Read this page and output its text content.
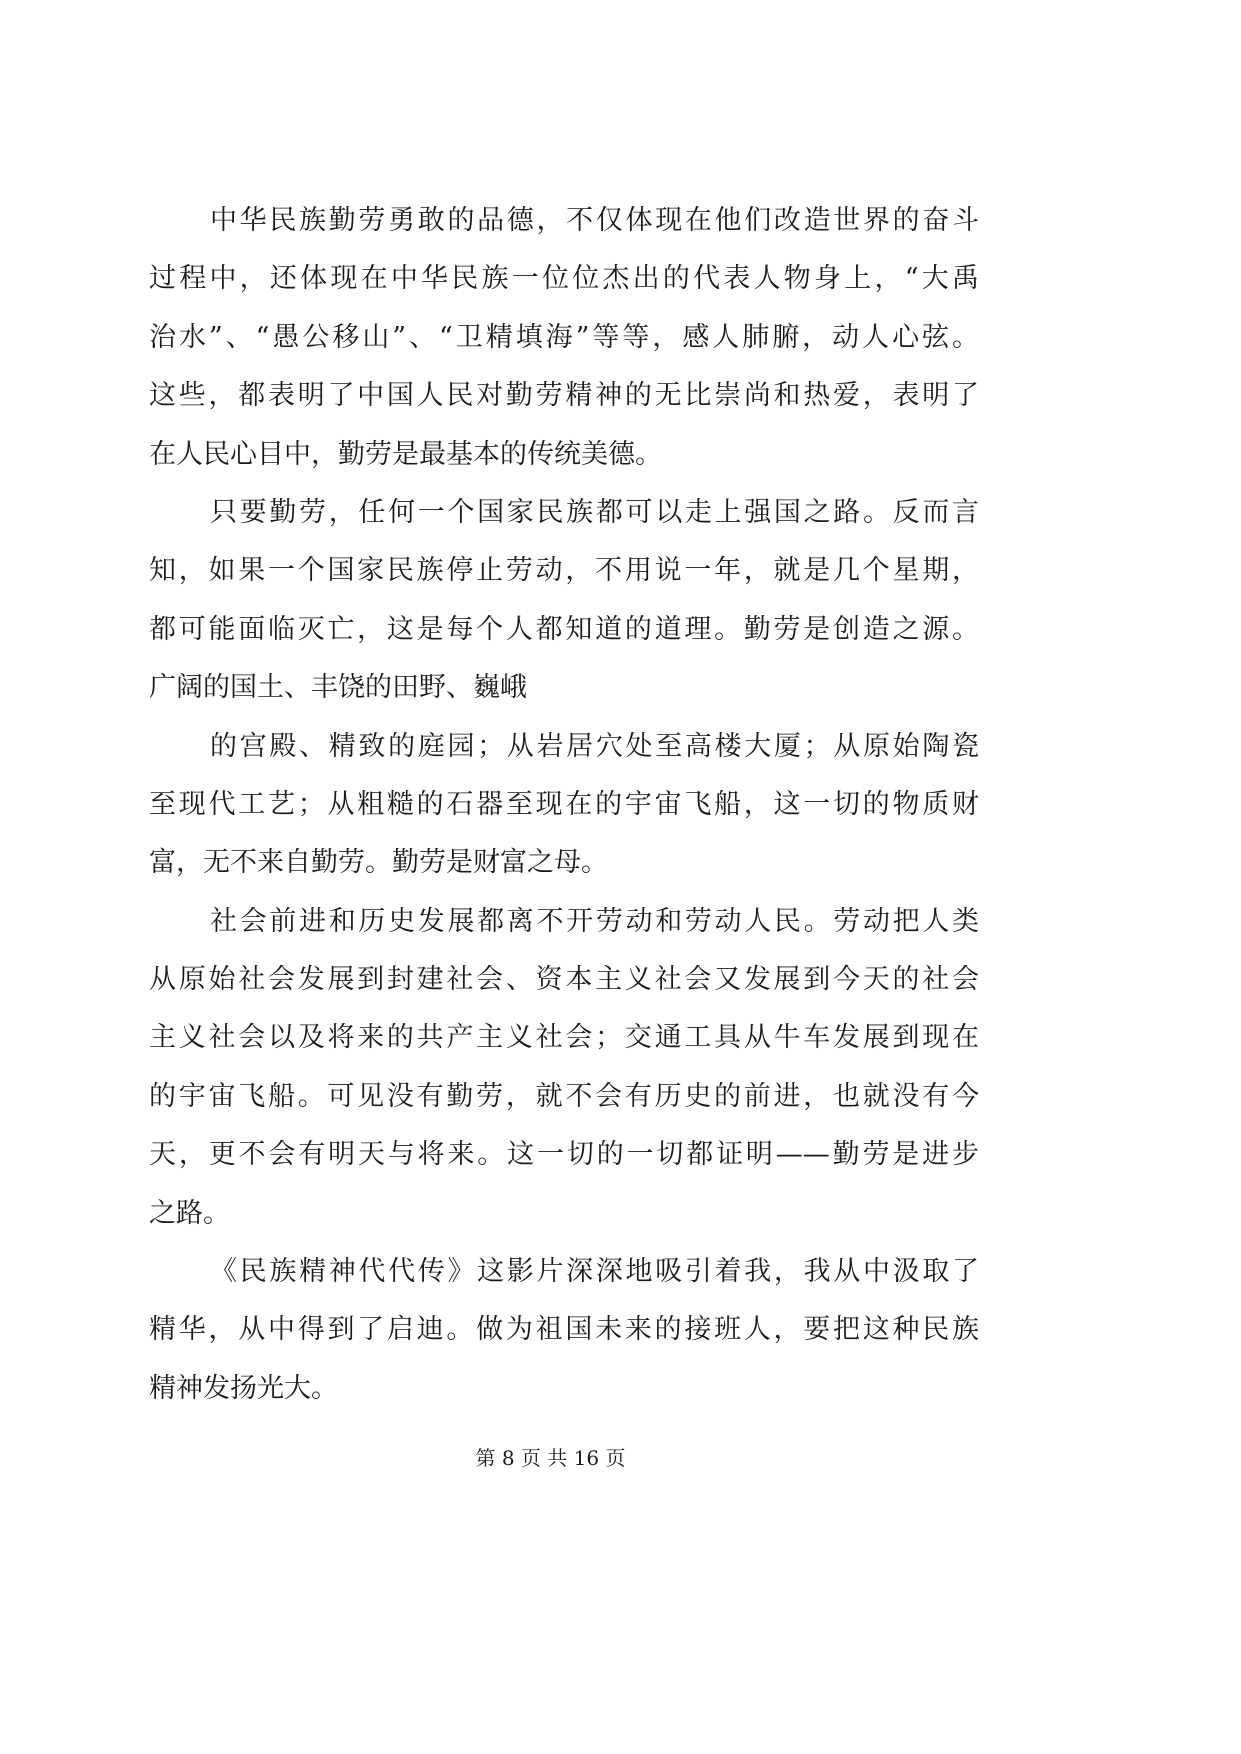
中华民族勤劳勇敢的品德，不仅体现在他们改造世界的奋斗
过程中，还体现在中华民族一位位杰出的代表人物身上，“大禹
治水”、“愚公移山”、“卫精填海”等等，感人肺腑，动人心弦。
这些，都表明了中国人民对勤劳精神的无比崇尚和热爱，表明了
在人民心目中，勤劳是最基本的传统美德。
只要勤劳，任何一个国家民族都可以走上强国之路。反而言
知，如果一个国家民族停止劳动，不用说一年，就是几个星期，
都可能面临灭亡，这是每个人都知道的道理。勤劳是创造之源。
广阔的国土、丰饶的田野、巍峨
的宫殿、精致的庭园；从岩居穴处至高楼大厦；从原始陶瓷
至现代工艺；从粗糙的石器至现在的宇宙飞船，这一切的物质财
富，无不来自勤劳。勤劳是财富之母。
社会前进和历史发展都离不开劳动和劳动人民。劳动把人类
从原始社会发展到封建社会、资本主义社会又发展到今天的社会
主义社会以及将来的共产主义社会；交通工具从牛车发展到现在
的宇宙飞船。可见没有勤劳，就不会有历史的前进，也就没有今
天，更不会有明天与将来。这一切的一切都证明——勤劳是进步
之路。
《民族精神代代传》这影片深深地吸引着我，我从中汲取了
精华，从中得到了启迪。做为祖国未来的接班人，要把这种民族
精神发扬光大。
第 8 页 共 16 页
